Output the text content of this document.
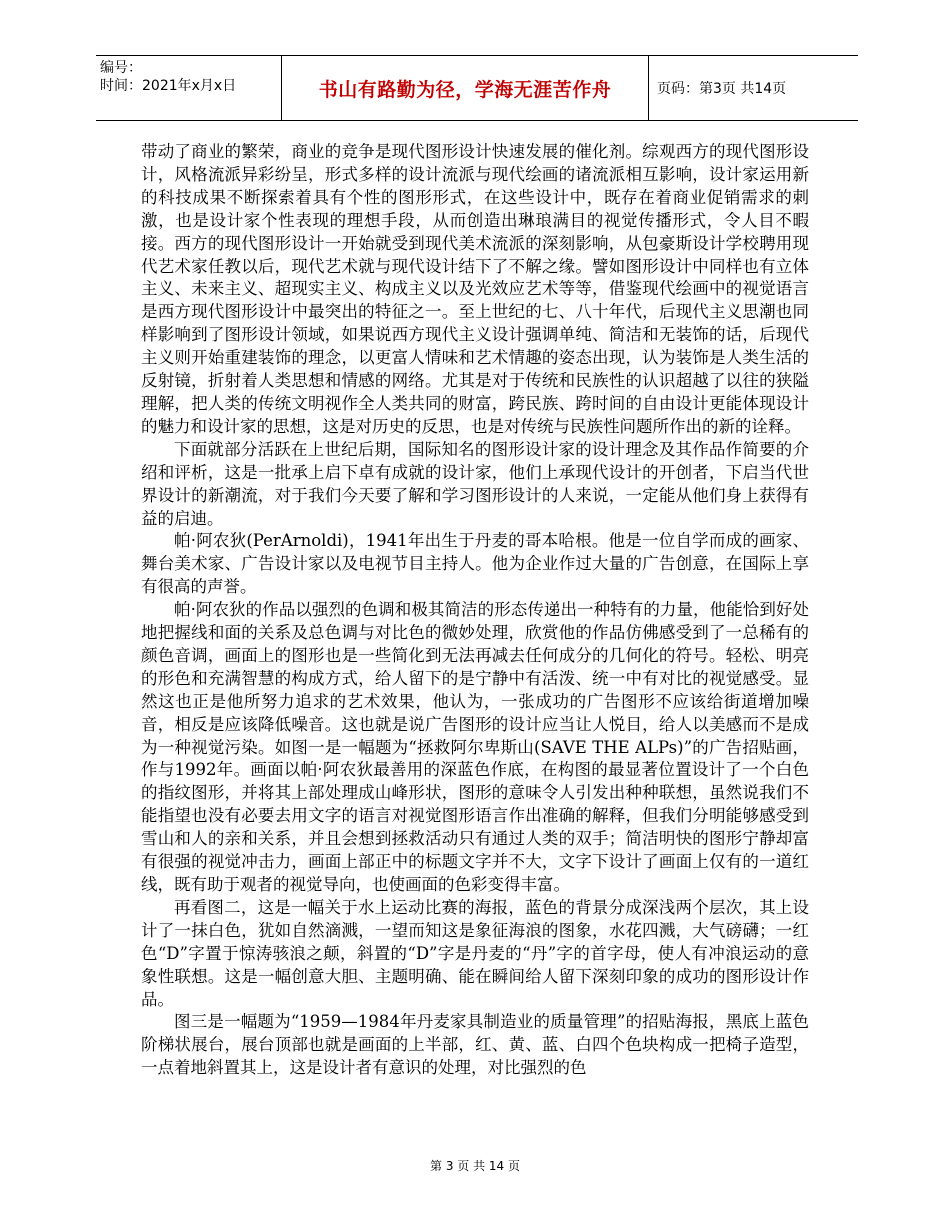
编号：
时间：2021年x月x日	书山有路勤为径，学海无涯苦作舟	页码：第3页 共14页

带动了商业的繁荣，商业的竞争是现代图形设计快速发展的催化剂。综观西方的现代图形设计，风格流派异彩纷呈，形式多样的设计流派与现代绘画的诸流派相互影响，设计家运用新的科技成果不断探索着具有个性的图形形式，在这些设计中，既存在着商业促销需求的刺激，也是设计家个性表现的理想手段，从而创造出琳琅满目的视觉传播形式，令人目不暇接。西方的现代图形设计一开始就受到现代美术流派的深刻影响，从包豪斯设计学校聘用现代艺术家任教以后，现代艺术就与现代设计结下了不解之缘。譬如图形设计中同样也有立体主义、未来主义、超现实主义、构成主义以及光效应艺术等等，借鉴现代绘画中的视觉语言是西方现代图形设计中最突出的特征之一。至上世纪的七、八十年代，后现代主义思潮也同样影响到了图形设计领域，如果说西方现代主义设计强调单纯、简洁和无装饰的话，后现代主义则开始重建装饰的理念，以更富人情味和艺术情趣的姿态出现，认为装饰是人类生活的反射镜，折射着人类思想和情感的网络。尤其是对于传统和民族性的认识超越了以往的狭隘理解，把人类的传统文明视作全人类共同的财富，跨民族、跨时间的自由设计更能体现设计的魅力和设计家的思想，这是对历史的反思，也是对传统与民族性问题所作出的新的诠释。

下面就部分活跃在上世纪后期，国际知名的图形设计家的设计理念及其作品作简要的介绍和评析，这是一批承上启下卓有成就的设计家，他们上承现代设计的开创者，下启当代世界设计的新潮流，对于我们今天要了解和学习图形设计的人来说，一定能从他们身上获得有益的启迪。

帕·阿农狄(PerArnoldi)，1941年出生于丹麦的哥本哈根。他是一位自学而成的画家、舞台美术家、广告设计家以及电视节目主持人。他为企业作过大量的广告创意，在国际上享有很高的声誉。

帕·阿农狄的作品以强烈的色调和极其简洁的形态传递出一种特有的力量，他能恰到好处地把握线和面的关系及总色调与对比色的微妙处理，欣赏他的作品仿佛感受到了一总稀有的颜色音调，画面上的图形也是一些简化到无法再减去任何成分的几何化的符号。轻松、明亮的形色和充满智慧的构成方式，给人留下的是宁静中有活泼、统一中有对比的视觉感受。显然这也正是他所努力追求的艺术效果，他认为，一张成功的广告图形不应该给街道增加噪音，相反是应该降低噪音。这也就是说广告图形的设计应当让人悦目，给人以美感而不是成为一种视觉污染。如图一是一幅题为“拯救阿尔卑斯山(SAVE THE ALPs)”的广告招贴画，作与1992年。画面以帕·阿农狄最善用的深蓝色作底，在构图的最显著位置设计了一个白色的指纹图形，并将其上部处理成山峰形状，图形的意味令人引发出种种联想，虽然说我们不能指望也没有必要去用文字的语言对视觉图形语言作出准确的解释，但我们分明能够感受到雪山和人的亲和关系，并且会想到拯救活动只有通过人类的双手；简洁明快的图形宁静却富有很强的视觉冲击力，画面上部正中的标题文字并不大，文字下设计了画面上仅有的一道红线，既有助于观者的视觉导向，也使画面的色彩变得丰富。

再看图二，这是一幅关于水上运动比赛的海报，蓝色的背景分成深浅两个层次，其上设计了一抹白色，犹如自然滴溅，一望而知这是象征海浪的图象，水花四溅，大气磅礴；一红色“D”字置于惊涛骇浪之颠，斜置的“D”字是丹麦的“丹”字的首字母，使人有冲浪运动的意象性联想。这是一幅创意大胆、主题明确、能在瞬间给人留下深刻印象的成功的图形设计作品。

图三是一幅题为“1959—1984年丹麦家具制造业的质量管理”的招贴海报，黑底上蓝色阶梯状展台，展台顶部也就是画面的上半部，红、黄、蓝、白四个色块构成一把椅子造型，一点着地斜置其上，这是设计者有意识的处理，对比强烈的色

第 3 页 共 14 页
